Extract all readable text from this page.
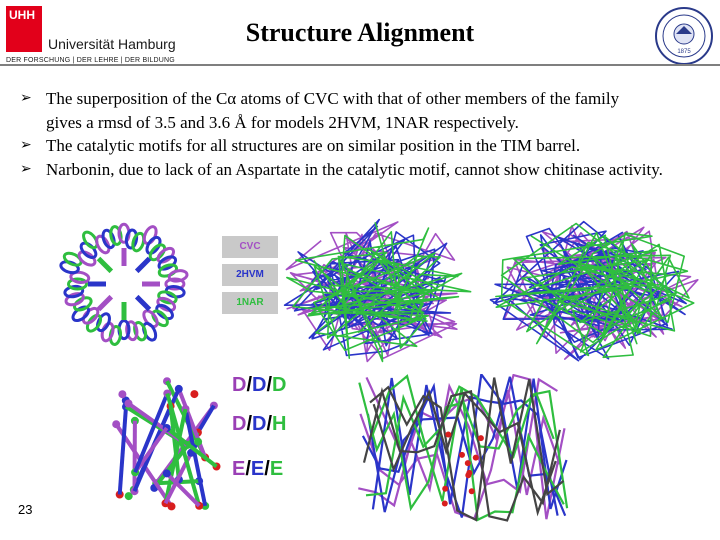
UHH
Universität Hamburg
DER FORSCHUNG | DER LEHRE | DER BILDUNG
Structure Alignment
1875
➢ The superposition of the Cα atoms of CVC with that of other members of the family
gives a rmsd of 3.5 and 3.6 Å for models 2HVM, 1NAR respectively.
➢ The catalytic motifs for all structures are on similar position in the TIM barrel.
➢ Narbonin, due to lack of an Aspartate in the catalytic motif, cannot show chitinase activity.
CVC
2HVM
1NAR
D/D/D
D/D/H
E/E/E
23
